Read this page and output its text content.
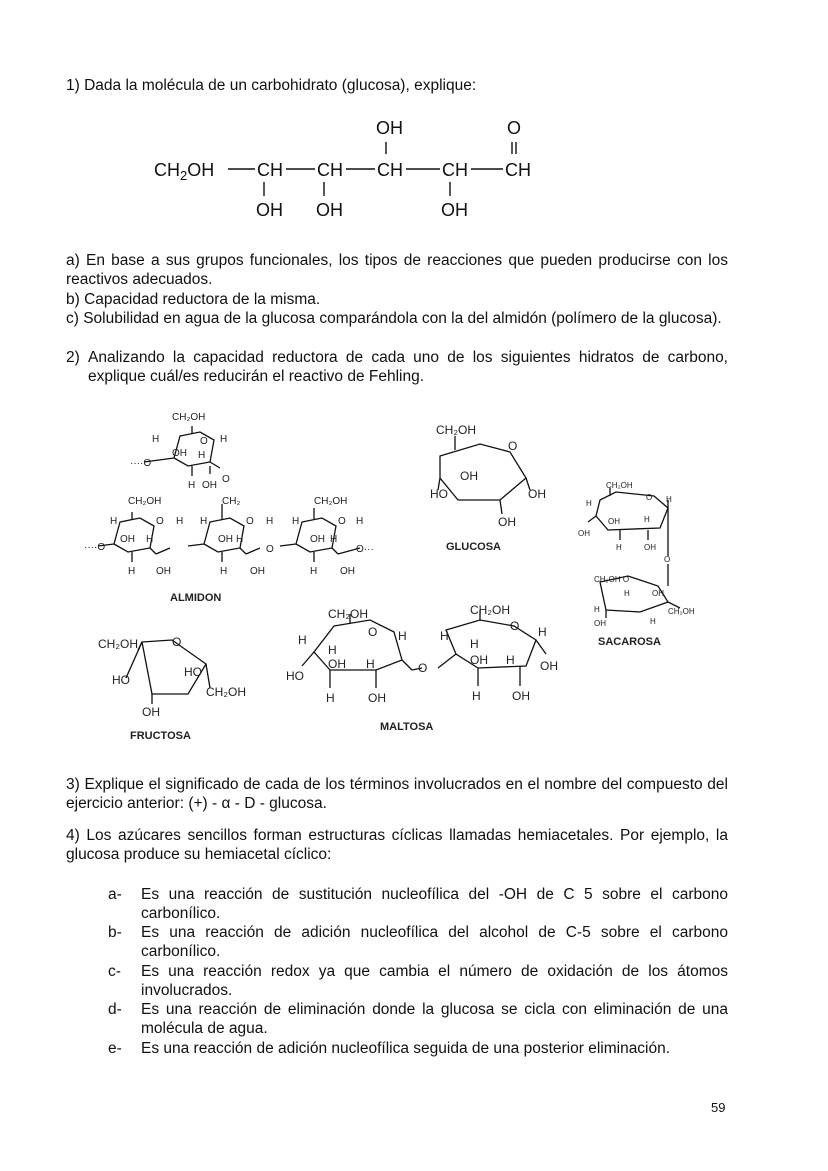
1) Dada la molécula de un carbohidrato (glucosa), explique:
$CH_2OH$ CH CH CH CH CH
OH	O
OH OH	OH
a) En base a sus grupos funcionales, los tipos de reacciones que pueden producirse con los reactivos adecuados.
b) Capacidad reductora de la misma.
c) Solubilidad en agua de la glucosa comparándola con la del almidón (polímero de la glucosa).
2) Analizando la capacidad reductora de cada uno de los siguientes hidratos de carbono, explique cuál/es reducirán el reactivo de Fehling.
CH₂OH
O
H	H
OH H
····O
H OH
O
CH₂OH	CH₂	CH₂OH
H	O H
OH H
····O
H OH
H	O H
OH H
O
H OH
H	O H
OH H
O···
H OH
CH₂OH
O
OH
HO	OH
OH
CH₂OH
O
H	H
OH	H
OH
H	OH
O
CH₂OH O
H	OH
H	CH₂OH
OH	H
CH₂OH	O
HO
HO
CH₂OH
OH
CH₂OH
O H
H
H
OH H
HO
H	OH
O
CH₂OH
O H
H
H
OH H OH
H	OH
ALMIDON
GLUCOSA
SACAROSA
FRUCTOSA
MALTOSA
3) Explique el significado de cada de los términos involucrados en el nombre del compuesto del ejercicio anterior: (+) - α - D - glucosa.
4) Los azúcares sencillos forman estructuras cíclicas llamadas hemiacetales. Por ejemplo, la glucosa produce su hemiacetal cíclico:
a- Es una reacción de sustitución nucleofílica del -OH de C 5 sobre el carbono carbonílico.
b- Es una reacción de adición nucleofílica del alcohol de C-5 sobre el carbono carbonílico.
c- Es una reacción redox ya que cambia el número de oxidación de los átomos involucrados.
d- Es una reacción de eliminación donde la glucosa se cicla con eliminación de una molécula de agua.
e- Es una reacción de adición nucleofílica seguida de una posterior eliminación.
59
